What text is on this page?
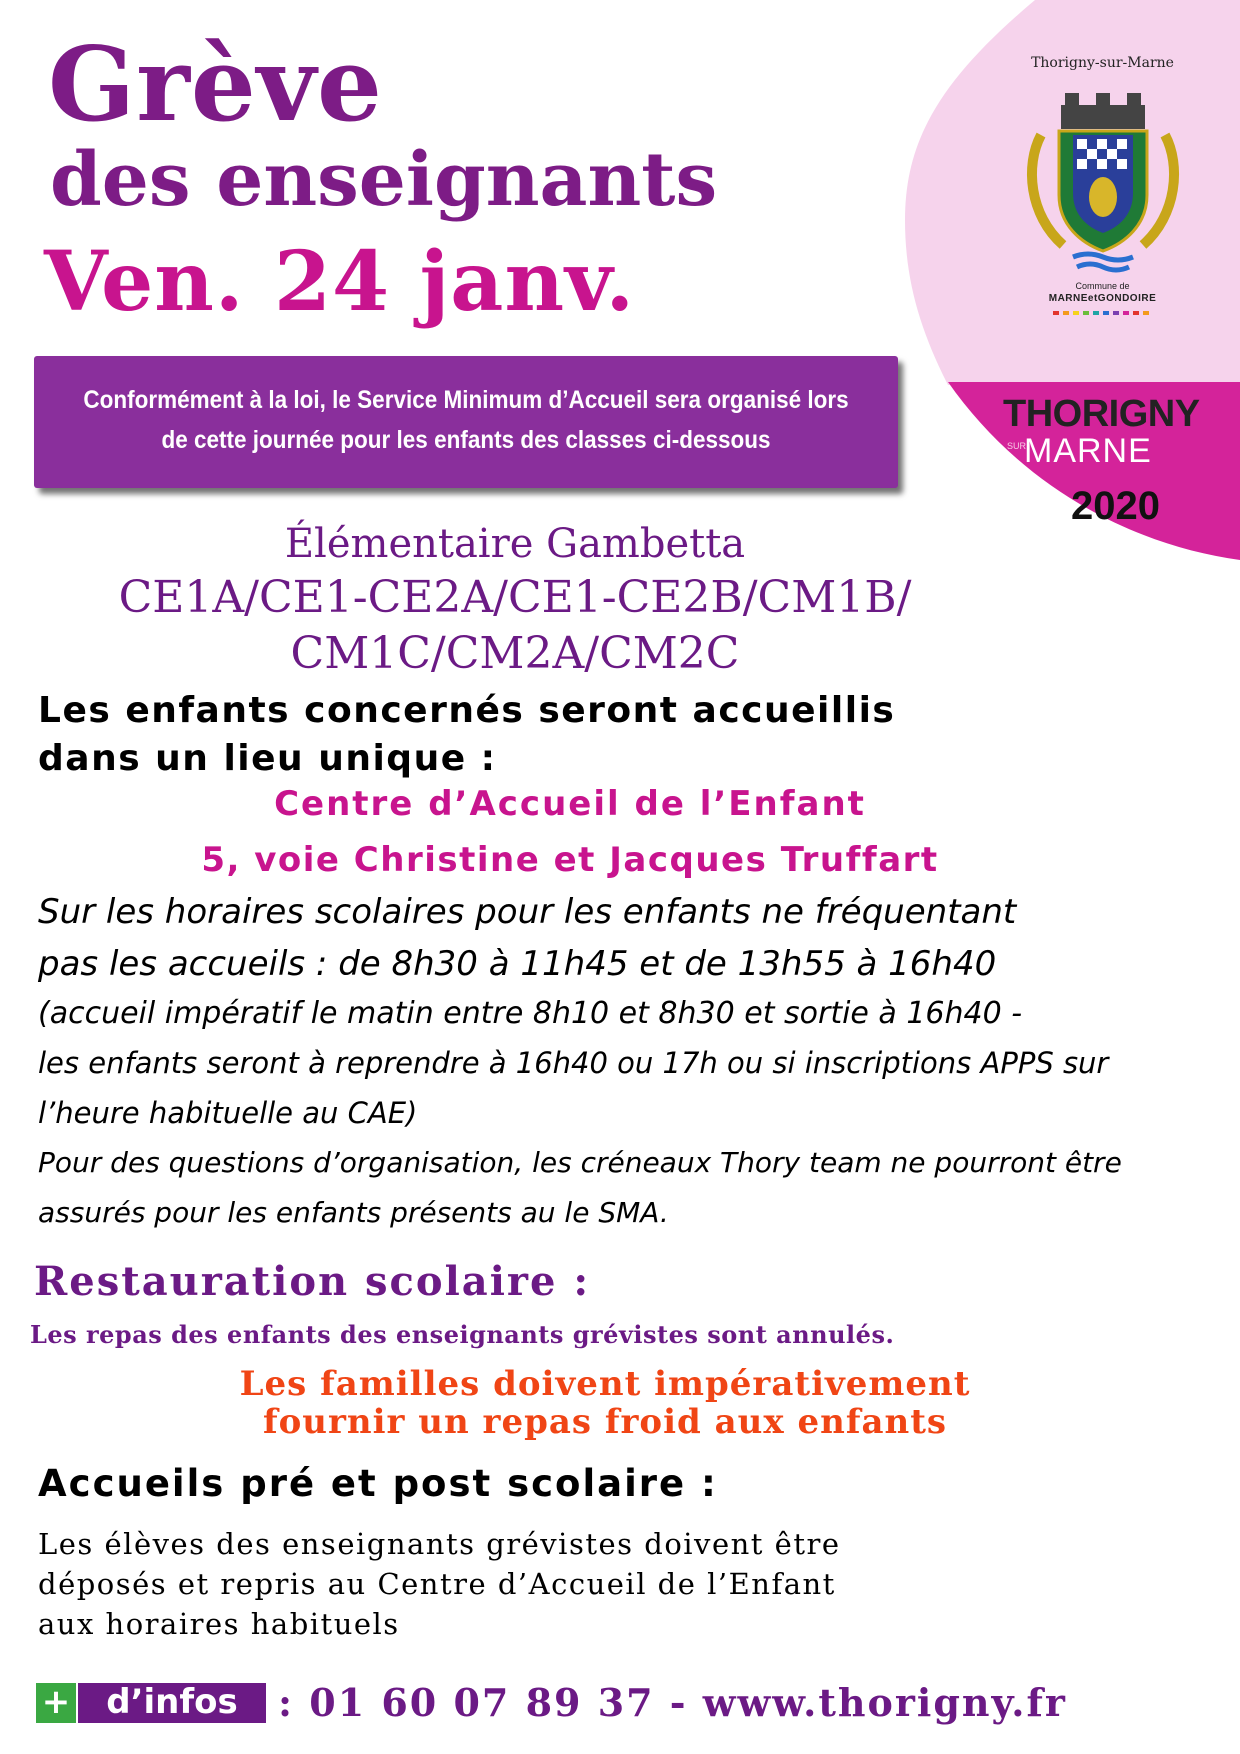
Grève
des enseignants
Ven. 24 janv.
Conformément à la loi, le Service Minimum d’Accueil sera organisé lors
de cette journée pour les enfants des classes ci-dessous
Thorigny-sur-Marne
Commune de
MARNEetGONDOIRE
THORIGNY
SUR
MARNE
2020
Élémentaire Gambetta
CE1A/CE1-CE2A/CE1-CE2B/CM1B/
CM1C/CM2A/CM2C
Les enfants concernés seront accueillis
dans un lieu unique :
Centre d’Accueil de l’Enfant
5, voie Christine et Jacques Truffart
Sur les horaires scolaires pour les enfants ne fréquentant
pas les accueils : de 8h30 à 11h45 et de 13h55 à 16h40
(accueil impératif le matin entre 8h10 et 8h30 et sortie à 16h40 -
les enfants seront à reprendre à 16h40 ou 17h ou si inscriptions APPS sur
l’heure habituelle au CAE)
Pour des questions d’organisation, les créneaux Thory team ne pourront être
assurés pour les enfants présents au le SMA.
Restauration scolaire :
Les repas des enfants des enseignants grévistes sont annulés.
Les familles doivent impérativement
fournir un repas froid aux enfants
Accueils pré et post scolaire :
Les élèves des enseignants grévistes doivent être
déposés et repris au Centre d’Accueil de l’Enfant
aux horaires habituels
+	d’infos	: 01 60 07 89 37 - www.thorigny.fr
